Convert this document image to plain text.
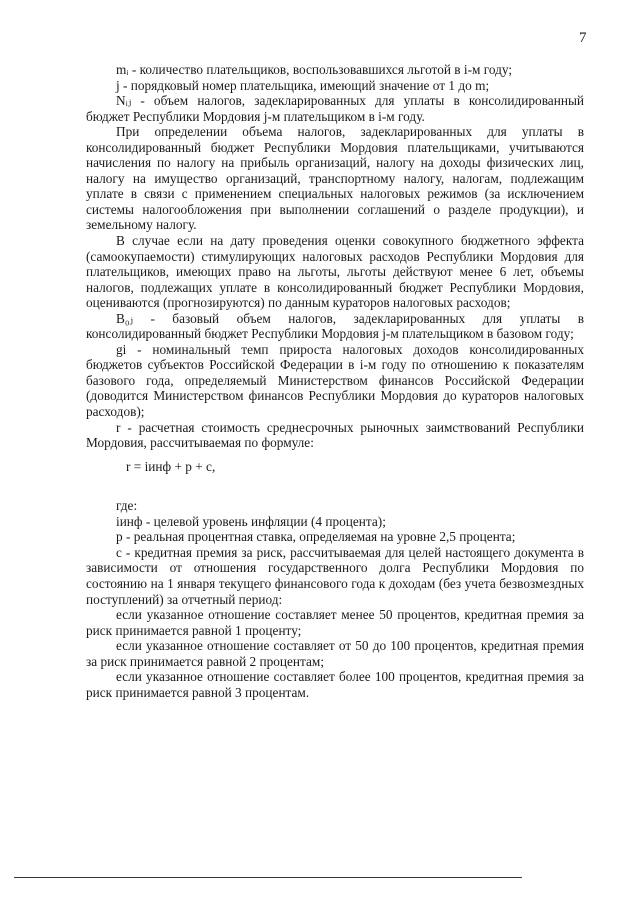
7

mᵢ - количество плательщиков, воспользовавшихся льготой в i-м году;

j - порядковый номер плательщика, имеющий значение от 1 до m;

Nᵢⱼ - объем налогов, задекларированных для уплаты в консолидированный бюджет Республики Мордовия j-м плательщиком в i-м году.

При определении объема налогов, задекларированных для уплаты в консолидированный бюджет Республики Мордовия плательщиками, учитываются начисления по налогу на прибыль организаций, налогу на доходы физических лиц, налогу на имущество организаций, транспортному налогу, налогам, подлежащим уплате в связи с применением специальных налоговых режимов (за исключением системы налогообложения при выполнении соглашений о разделе продукции), и земельному налогу.

В случае если на дату проведения оценки совокупного бюджетного эффекта (самоокупаемости) стимулирующих налоговых расходов Республики Мордовия для плательщиков, имеющих право на льготы, льготы действуют менее 6 лет, объемы налогов, подлежащих уплате в консолидированный бюджет Республики Мордовия, оцениваются (прогнозируются) по данным кураторов налоговых расходов;

B₀ⱼ - базовый объем налогов, задекларированных для уплаты в консолидированный бюджет Республики Мордовия j-м плательщиком в базовом году;

gi - номинальный темп прироста налоговых доходов консолидированных бюджетов субъектов Российской Федерации в i-м году по отношению к показателям базового года, определяемый Министерством финансов Российской Федерации (доводится Министерством финансов Республики Мордовия до кураторов налоговых расходов);

r - расчетная стоимость среднесрочных рыночных заимствований Республики Мордовия, рассчитываемая по формуле:

r = iинф + p + c,

где:

iинф - целевой уровень инфляции (4 процента);

p - реальная процентная ставка, определяемая на уровне 2,5 процента;

c - кредитная премия за риск, рассчитываемая для целей настоящего документа в зависимости от отношения государственного долга Республики Мордовия по состоянию на 1 января текущего финансового года к доходам (без учета безвозмездных поступлений) за отчетный период:

если указанное отношение составляет менее 50 процентов, кредитная премия за риск принимается равной 1 проценту;

если указанное отношение составляет от 50 до 100 процентов, кредитная премия за риск принимается равной 2 процентам;

если указанное отношение составляет более 100 процентов, кредитная премия за риск принимается равной 3 процентам.
